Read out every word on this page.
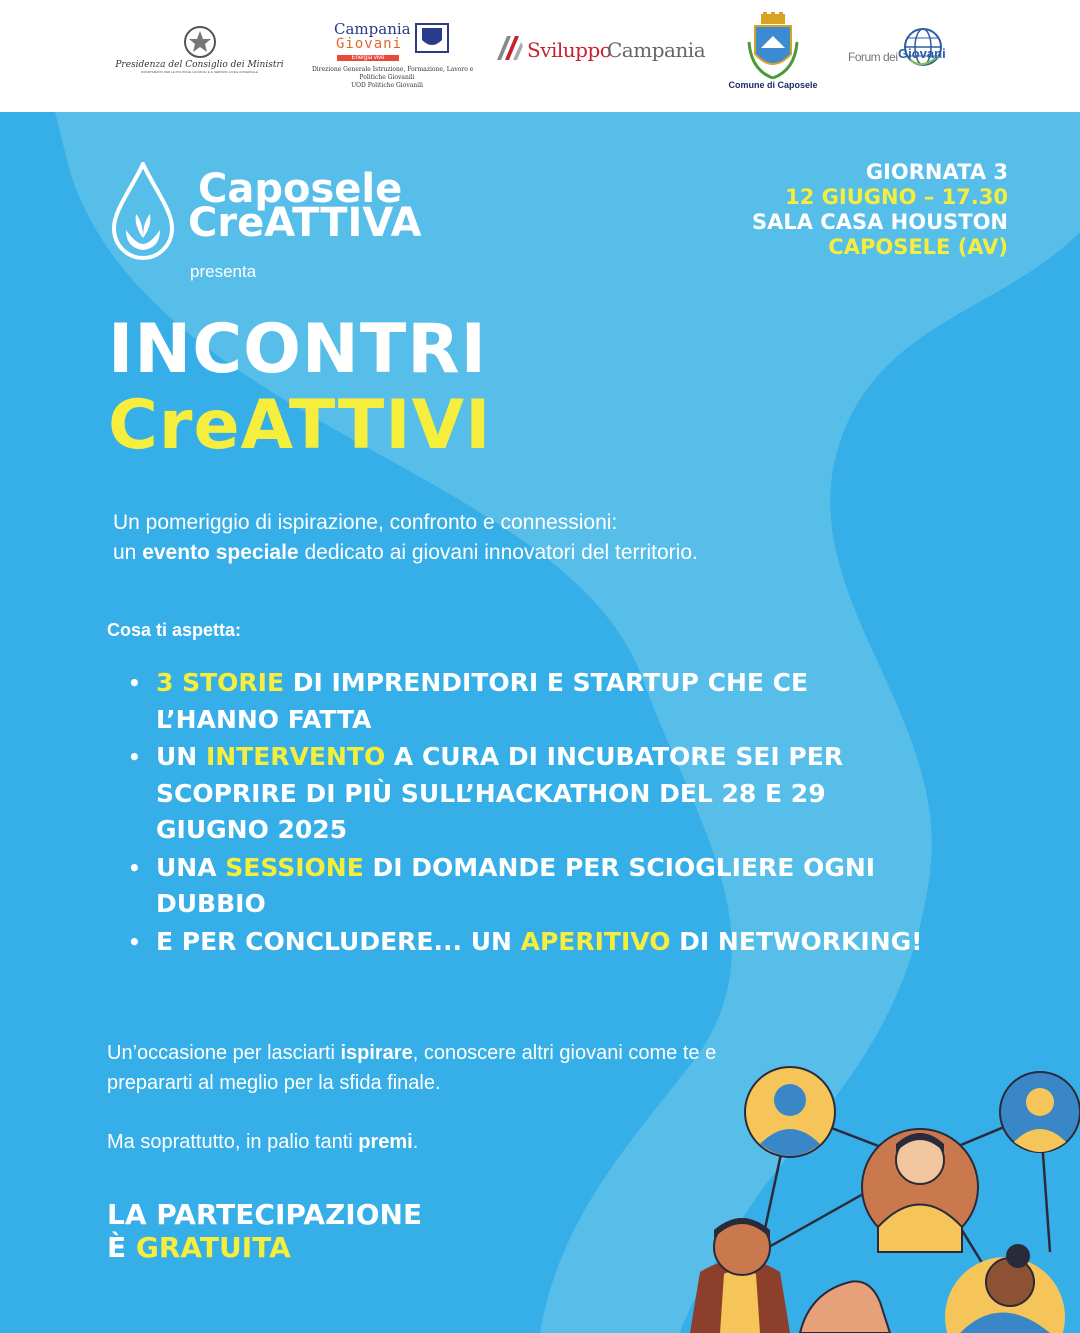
Presidenza del Consiglio dei Ministri
DIPARTIMENTO PER LE POLITICHE GIOVANILI E IL SERVIZIO CIVILE UNIVERSALE
Campania
Giovani
Energia vive
Direzione Generale Istruzione, Formazione, Lavoro e
Politiche Giovanili
UOD Politiche Giovanili
Sviluppo
Campania
Comune di Caposele
Forum dei Giovani
Caposele
CreATTIVA
presenta
GIORNATA 3
12 GIUGNO – 17.30
SALA CASA HOUSTON
CAPOSELE (AV)
INCONTRI
CreATTIVI
Un pomeriggio di ispirazione, confronto e connessioni:
un evento speciale dedicato ai giovani innovatori del territorio.
Cosa ti aspetta:
• 3 STORIE DI IMPRENDITORI E STARTUP CHE CE L’HANNO FATTA
• UN INTERVENTO A CURA DI INCUBATORE SEI PER SCOPRIRE DI PIÙ SULL’HACKATHON DEL 28 E 29 GIUGNO 2025
• UNA SESSIONE DI DOMANDE PER SCIOGLIERE OGNI DUBBIO
• E PER CONCLUDERE... UN APERITIVO DI NETWORKING!
Un’occasione per lasciarti ispirare, conoscere altri giovani come te e prepararti al meglio per la sfida finale.
Ma soprattutto, in palio tanti premi.
LA PARTECIPAZIONE
È GRATUITA
